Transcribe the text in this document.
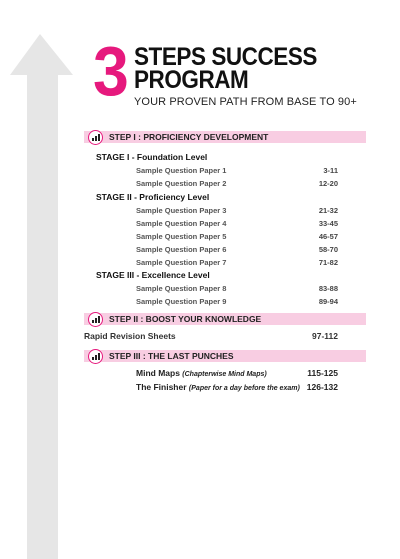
3 STEPS SUCCESS
PROGRAM
YOUR PROVEN PATH FROM BASE TO 90+
STEP I : PROFICIENCY DEVELOPMENT
STAGE I - Foundation Level
Sample Question Paper 1	3-11
Sample Question Paper 2	12-20
STAGE II - Proficiency Level
Sample Question Paper 3	21-32
Sample Question Paper 4	33-45
Sample Question Paper 5	46-57
Sample Question Paper 6	58-70
Sample Question Paper 7	71-82
STAGE III - Excellence Level
Sample Question Paper 8	83-88
Sample Question Paper 9	89-94
STEP II : BOOST YOUR KNOWLEDGE
Rapid Revision Sheets	97-112
STEP III : THE LAST PUNCHES
Mind Maps (Chapterwise Mind Maps)	115-125
The Finisher (Paper for a day before the exam) 126-132
